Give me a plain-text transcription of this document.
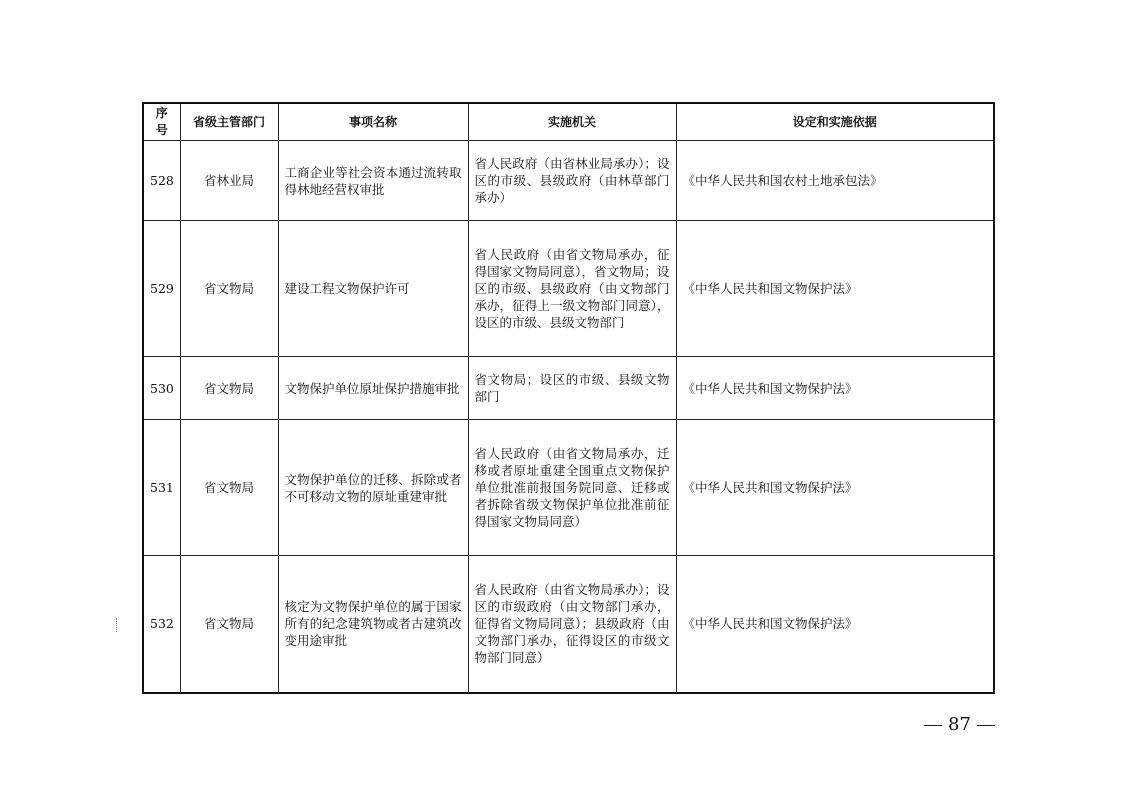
序号	省级主管部门	事项名称	实施机关	设定和实施依据
528	省林业局	工商企业等社会资本通过流转取得林地经营权审批	省人民政府（由省林业局承办）；设区的市级、县级政府（由林草部门承办）	《中华人民共和国农村土地承包法》
529	省文物局	建设工程文物保护许可	省人民政府（由省文物局承办，征得国家文物局同意），省文物局；设区的市级、县级政府（由文物部门承办，征得上一级文物部门同意），设区的市级、县级文物部门	《中华人民共和国文物保护法》
530	省文物局	文物保护单位原址保护措施审批	省文物局；设区的市级、县级文物部门	《中华人民共和国文物保护法》
531	省文物局	文物保护单位的迁移、拆除或者不可移动文物的原址重建审批	省人民政府（由省文物局承办，迁移或者原址重建全国重点文物保护单位批准前报国务院同意、迁移或者拆除省级文物保护单位批准前征得国家文物局同意）	《中华人民共和国文物保护法》
532	省文物局	核定为文物保护单位的属于国家所有的纪念建筑物或者古建筑改变用途审批	省人民政府（由省文物局承办）；设区的市级政府（由文物部门承办，征得省文物局同意）；县级政府（由文物部门承办，征得设区的市级文物部门同意）	《中华人民共和国文物保护法》
87
